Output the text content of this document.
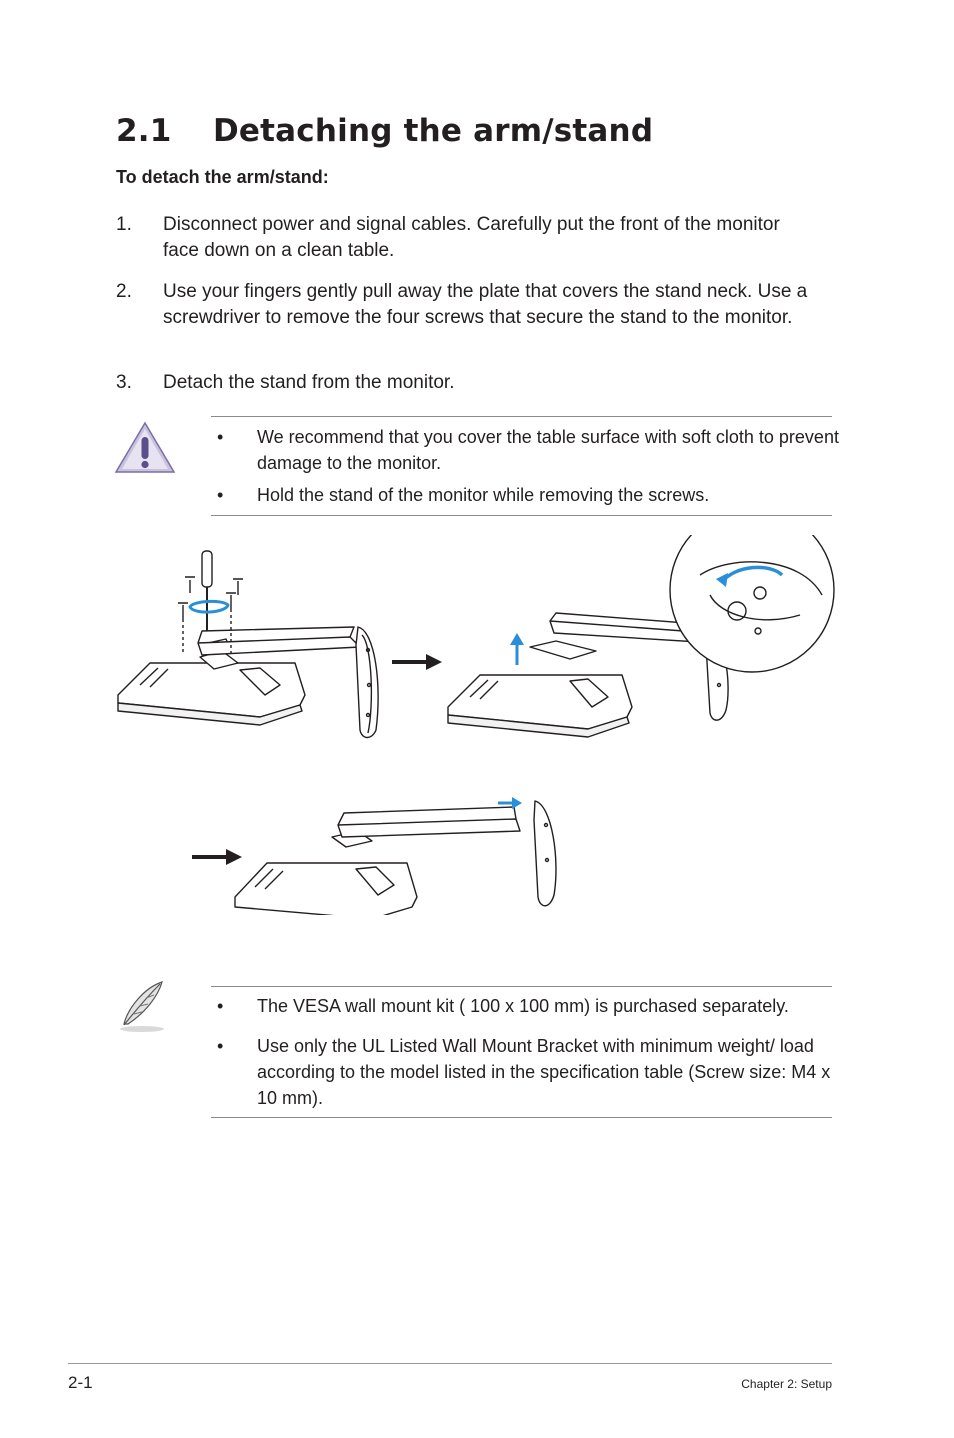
2.1 Detaching the arm/stand
To detach the arm/stand:
1.	Disconnect power and signal cables. Carefully put the front of the monitor face down on a clean table.
2.	Use your fingers gently pull away the plate that covers the stand neck. Use a screwdriver to remove the four screws that secure the stand to the monitor.
3.	Detach the stand from the monitor.
• We recommend that you cover the table surface with soft cloth to prevent damage to the monitor.
• Hold the stand of the monitor while removing the screws.
• The VESA wall mount kit ( 100 x 100 mm) is purchased separately.
• Use only the UL Listed Wall Mount Bracket with minimum weight/ load according to the model listed in the specification table (Screw size: M4 x 10 mm).
2-1	Chapter 2: Setup
